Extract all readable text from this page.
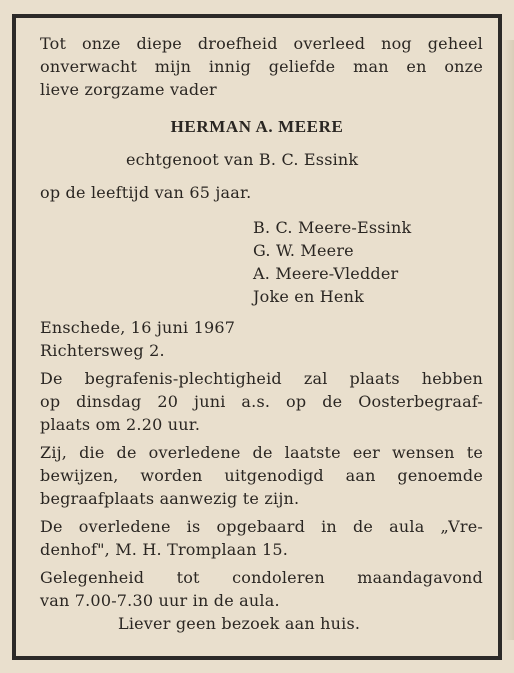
Tot onze diepe droefheid overleed nog geheel
onverwacht mijn innig geliefde man en onze
lieve zorgzame vader
HERMAN A. MEERE
echtgenoot van B. C. Essink
op de leeftijd van 65 jaar.
B. C. Meere-Essink
G. W. Meere
A. Meere-Vledder
Joke en Henk
Enschede, 16 juni 1967
Richtersweg 2.
De begrafenis-plechtigheid zal plaats hebben
op dinsdag 20 juni a.s. op de Oosterbegraaf-
plaats om 2.20 uur.
Zij, die de overledene de laatste eer wensen te
bewijzen, worden uitgenodigd aan genoemde
begraafplaats aanwezig te zijn.
De overledene is opgebaard in de aula „Vre-
denhof", M. H. Tromplaan 15.
Gelegenheid tot condoleren maandagavond
van 7.00-7.30 uur in de aula.
Liever geen bezoek aan huis.
